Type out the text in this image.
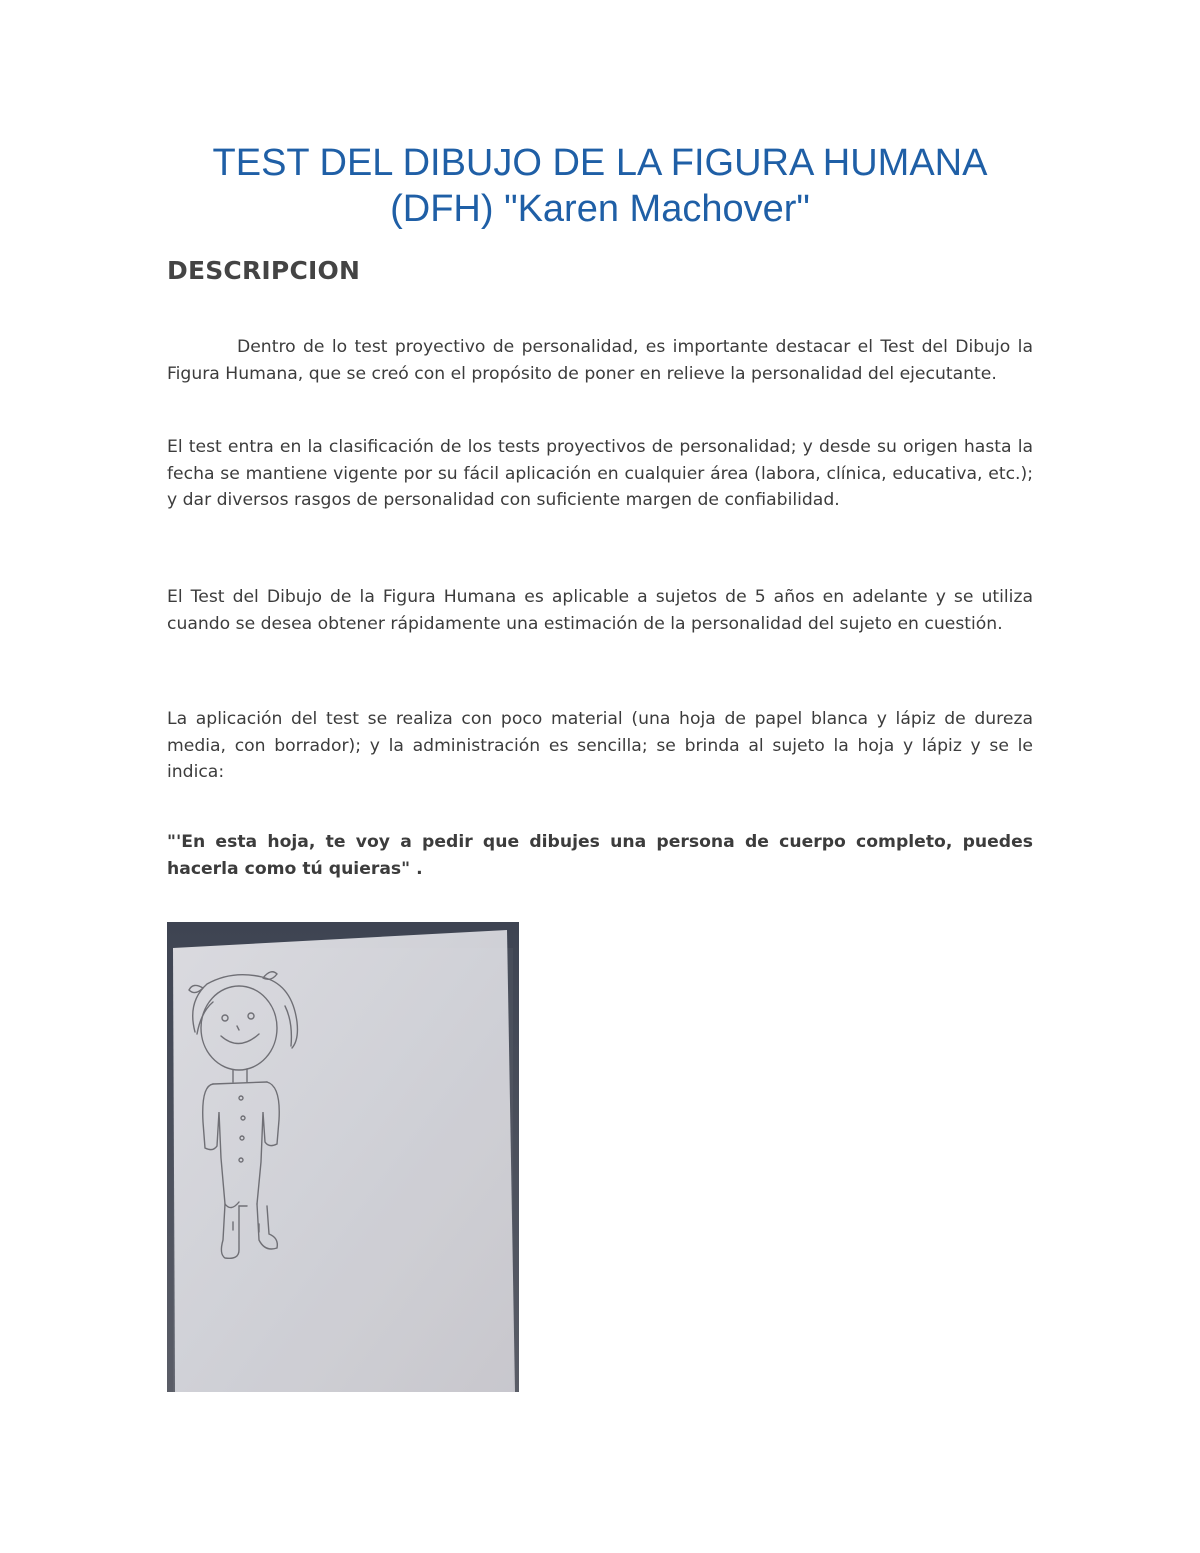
TEST DEL DIBUJO DE LA FIGURA HUMANA
(DFH) "Karen Machover"
DESCRIPCION

Dentro de lo test proyectivo de personalidad, es importante destacar el Test del Dibujo la Figura Humana, que se creó con el propósito de poner en relieve la personalidad del ejecutante.

El test entra en la clasificación de los tests proyectivos de personalidad; y desde su origen hasta la fecha se mantiene vigente por su fácil aplicación en cualquier área (labora, clínica, educativa, etc.); y dar diversos rasgos de personalidad con suficiente margen de confiabilidad.

El Test del Dibujo de la Figura Humana es aplicable a sujetos de 5 años en adelante y se utiliza cuando se desea obtener rápidamente una estimación de la personalidad del sujeto en cuestión.

La aplicación del test se realiza con poco material (una hoja de papel blanca y lápiz de dureza media, con borrador); y la administración es sencilla; se brinda al sujeto la hoja y lápiz y se le indica:

"'En esta hoja, te voy a pedir que dibujes una persona de cuerpo completo, puedes hacerla como tú quieras" .
